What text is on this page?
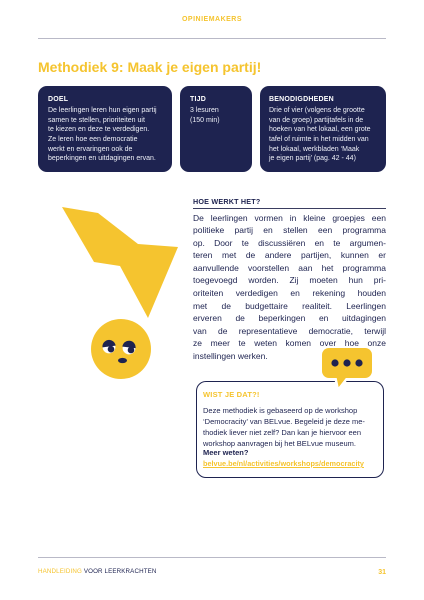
OPINIEMAKERS
Methodiek 9: Maak je eigen partij!
DOEL
De leerlingen leren hun eigen partij
samen te stellen, prioriteiten uit
te kiezen en deze te verdedigen.
Ze leren hoe een democratie
werkt en ervaringen ook de
beperkingen en uitdagingen ervan.
TIJD
3 lesuren
(150 min)
BENODIGDHEDEN
Drie of vier (volgens de grootte
van de groep) partijtafels in de
hoeken van het lokaal, een grote
tafel of ruimte in het midden van
het lokaal, werkbladen ‘Maak
je eigen partij’ (pag. 42 - 44)
HOE WERKT HET?
De leerlingen vormen in kleine groepjes een
politieke partij en stellen een programma
op. Door te discussiëren en te argumen-
teren met de andere partijen, kunnen er
aanvullende voorstellen aan het programma
toegevoegd worden. Zij moeten hun pri-
oriteiten verdedigen en rekening houden
met de budgettaire realiteit. Leerlingen
erveren de beperkingen en uitdagingen
van de representatieve democratie, terwijl
ze meer te weten komen over hoe onze
instellingen werken.
WIST JE DAT?!
Deze methodiek is gebaseerd op de workshop
‘Democracity’ van BELvue. Begeleid je deze me-
thodiek liever niet zelf? Dan kan je hiervoor een
workshop aanvragen bij het BELvue museum.
Meer weten?
belvue.be/nl/activities/workshops/democracity
HANDLEIDING VOOR LEERKRACHTEN	31
